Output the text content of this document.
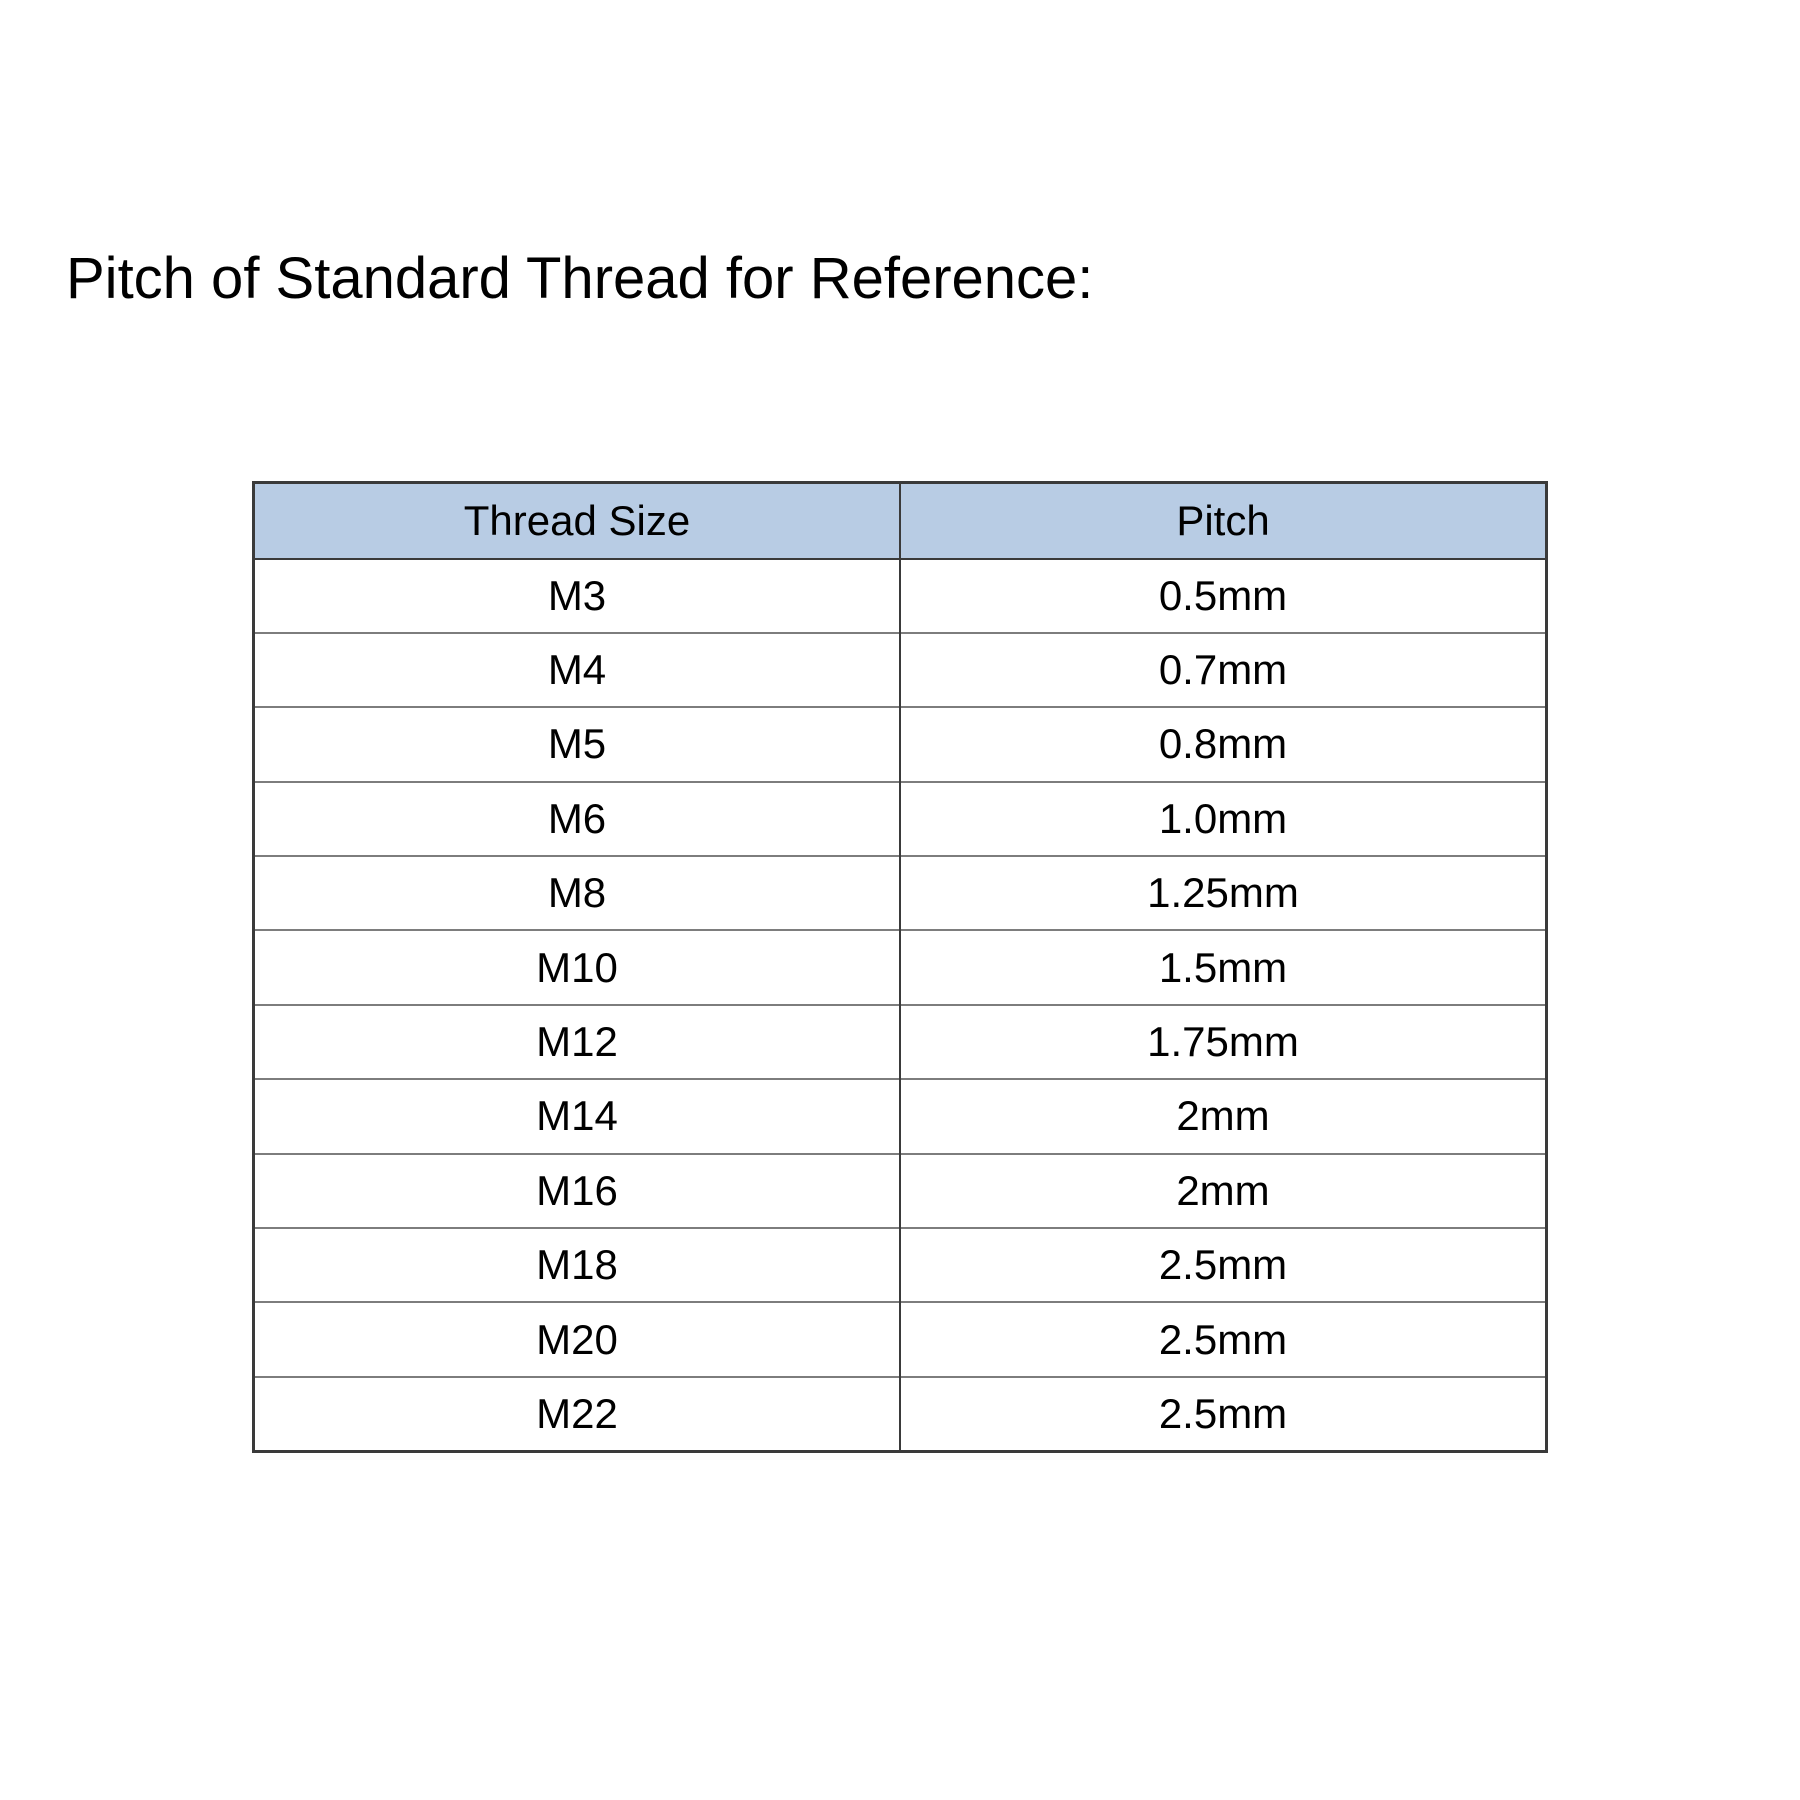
Pitch of Standard Thread for Reference:
Thread Size	Pitch
M3	0.5mm
M4	0.7mm
M5	0.8mm
M6	1.0mm
M8	1.25mm
M10	1.5mm
M12	1.75mm
M14	2mm
M16	2mm
M18	2.5mm
M20	2.5mm
M22	2.5mm
